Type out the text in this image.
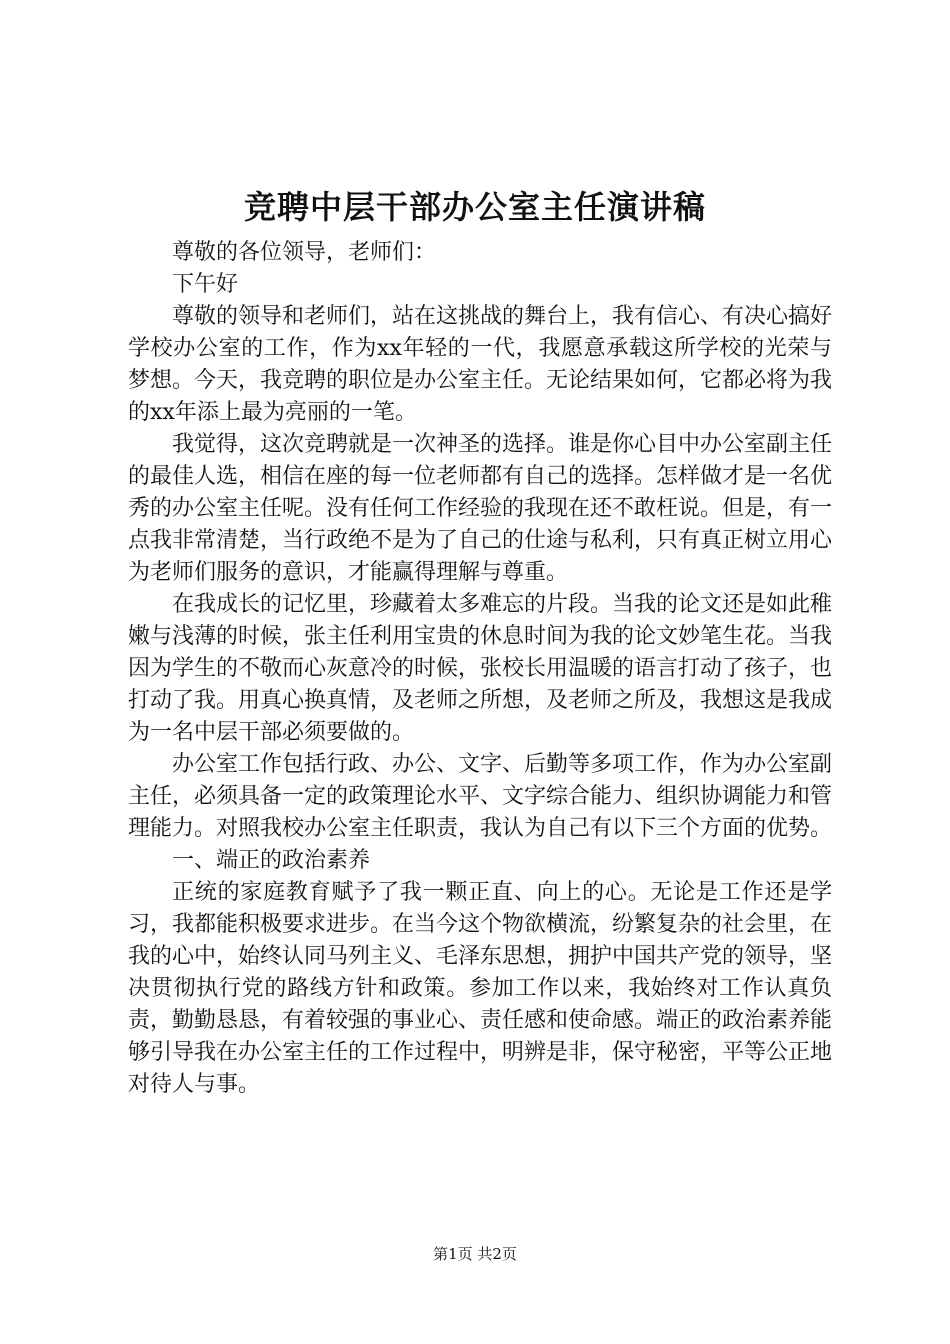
竞聘中层干部办公室主任演讲稿

尊敬的各位领导，老师们：

下午好

尊敬的领导和老师们，站在这挑战的舞台上，我有信心、有决心搞好学校办公室的工作，作为xx年轻的一代，我愿意承载这所学校的光荣与梦想。今天，我竞聘的职位是办公室主任。无论结果如何，它都必将为我的xx年添上最为亮丽的一笔。

我觉得，这次竞聘就是一次神圣的选择。谁是你心目中办公室副主任的最佳人选，相信在座的每一位老师都有自己的选择。怎样做才是一名优秀的办公室主任呢。没有任何工作经验的我现在还不敢枉说。但是，有一点我非常清楚，当行政绝不是为了自己的仕途与私利，只有真正树立用心为老师们服务的意识，才能赢得理解与尊重。

在我成长的记忆里，珍藏着太多难忘的片段。当我的论文还是如此稚嫩与浅薄的时候，张主任利用宝贵的休息时间为我的论文妙笔生花。当我因为学生的不敬而心灰意冷的时候，张校长用温暖的语言打动了孩子，也打动了我。用真心换真情，及老师之所想，及老师之所及，我想这是我成为一名中层干部必须要做的。

办公室工作包括行政、办公、文字、后勤等多项工作，作为办公室副主任，必须具备一定的政策理论水平、文字综合能力、组织协调能力和管理能力。对照我校办公室主任职责，我认为自己有以下三个方面的优势。

一、端正的政治素养

正统的家庭教育赋予了我一颗正直、向上的心。无论是工作还是学习，我都能积极要求进步。在当今这个物欲横流，纷繁复杂的社会里，在我的心中，始终认同马列主义、毛泽东思想，拥护中国共产党的领导，坚决贯彻执行党的路线方针和政策。参加工作以来，我始终对工作认真负责，勤勤恳恳，有着较强的事业心、责任感和使命感。端正的政治素养能够引导我在办公室主任的工作过程中，明辨是非，保守秘密，平等公正地对待人与事。

第1页 共2页
